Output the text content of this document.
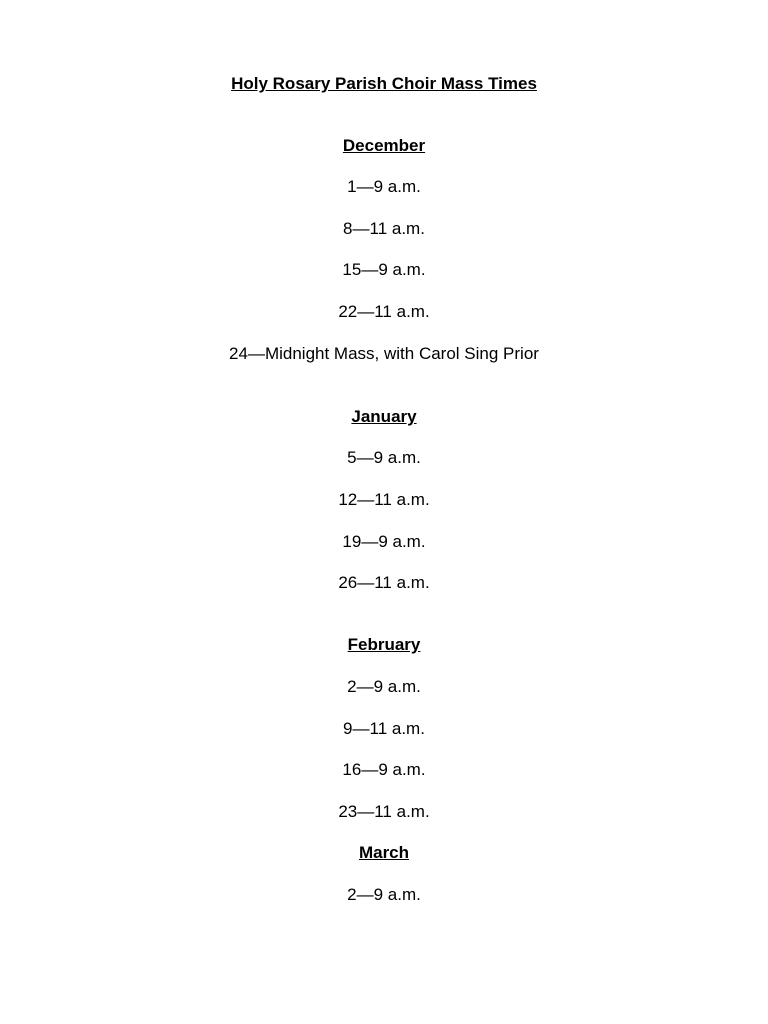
Holy Rosary Parish Choir Mass Times
December
1—9 a.m.
8—11 a.m.
15—9 a.m.
22—11 a.m.
24—Midnight Mass, with Carol Sing Prior
January
5—9 a.m.
12—11 a.m.
19—9 a.m.
26—11 a.m.
February
2—9 a.m.
9—11 a.m.
16—9 a.m.
23—11 a.m.
March
2—9 a.m.
